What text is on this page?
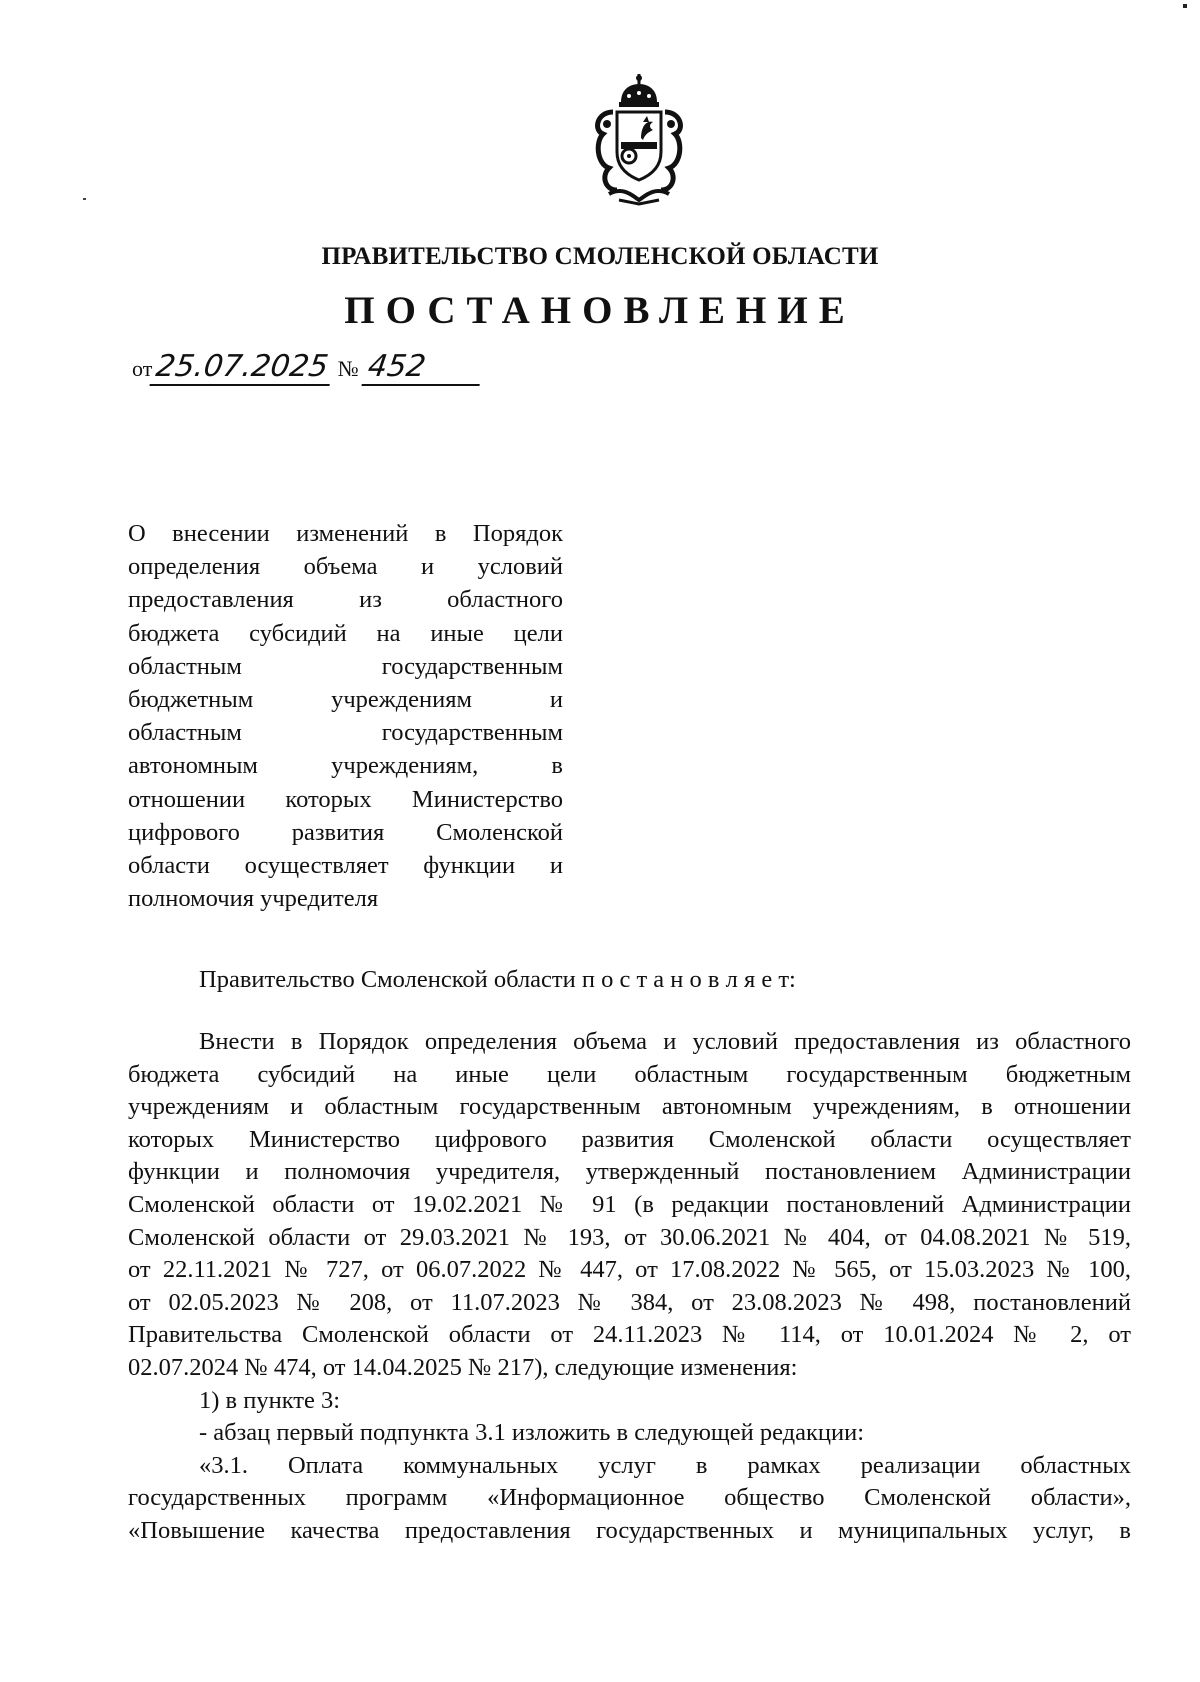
ПРАВИТЕЛЬСТВО СМОЛЕНСКОЙ ОБЛАСТИ
ПОСТАНОВЛЕНИЕ
от25.07.2025 № 452
О внесении изменений в Порядок
определения объема и условий
предоставления из областного
бюджета субсидий на иные цели
областным государственным
бюджетным учреждениям и
областным государственным
автономным учреждениям, в
отношении которых Министерство
цифрового развития Смоленской
области осуществляет функции и
полномочия учредителя
Правительство Смоленской области п о с т а н о в л я е т:
Внести в Порядок определения объема и условий предоставления из областного
бюджета субсидий на иные цели областным государственным бюджетным
учреждениям и областным государственным автономным учреждениям, в отношении
которых Министерство цифрового развития Смоленской области осуществляет
функции и полномочия учредителя, утвержденный постановлением Администрации
Смоленской области от 19.02.2021 № 91 (в редакции постановлений Администрации
Смоленской области от 29.03.2021 № 193, от 30.06.2021 № 404, от 04.08.2021 № 519,
от 22.11.2021 № 727, от 06.07.2022 № 447, от 17.08.2022 № 565, от 15.03.2023 № 100,
от 02.05.2023 № 208, от 11.07.2023 № 384, от 23.08.2023 № 498, постановлений
Правительства Смоленской области от 24.11.2023 № 114, от 10.01.2024 № 2, от
02.07.2024 № 474, от 14.04.2025 № 217), следующие изменения:
1) в пункте 3:
- абзац первый подпункта 3.1 изложить в следующей редакции:
«3.1. Оплата коммунальных услуг в рамках реализации областных
государственных программ «Информационное общество Смоленской области»,
«Повышение качества предоставления государственных и муниципальных услуг, в
